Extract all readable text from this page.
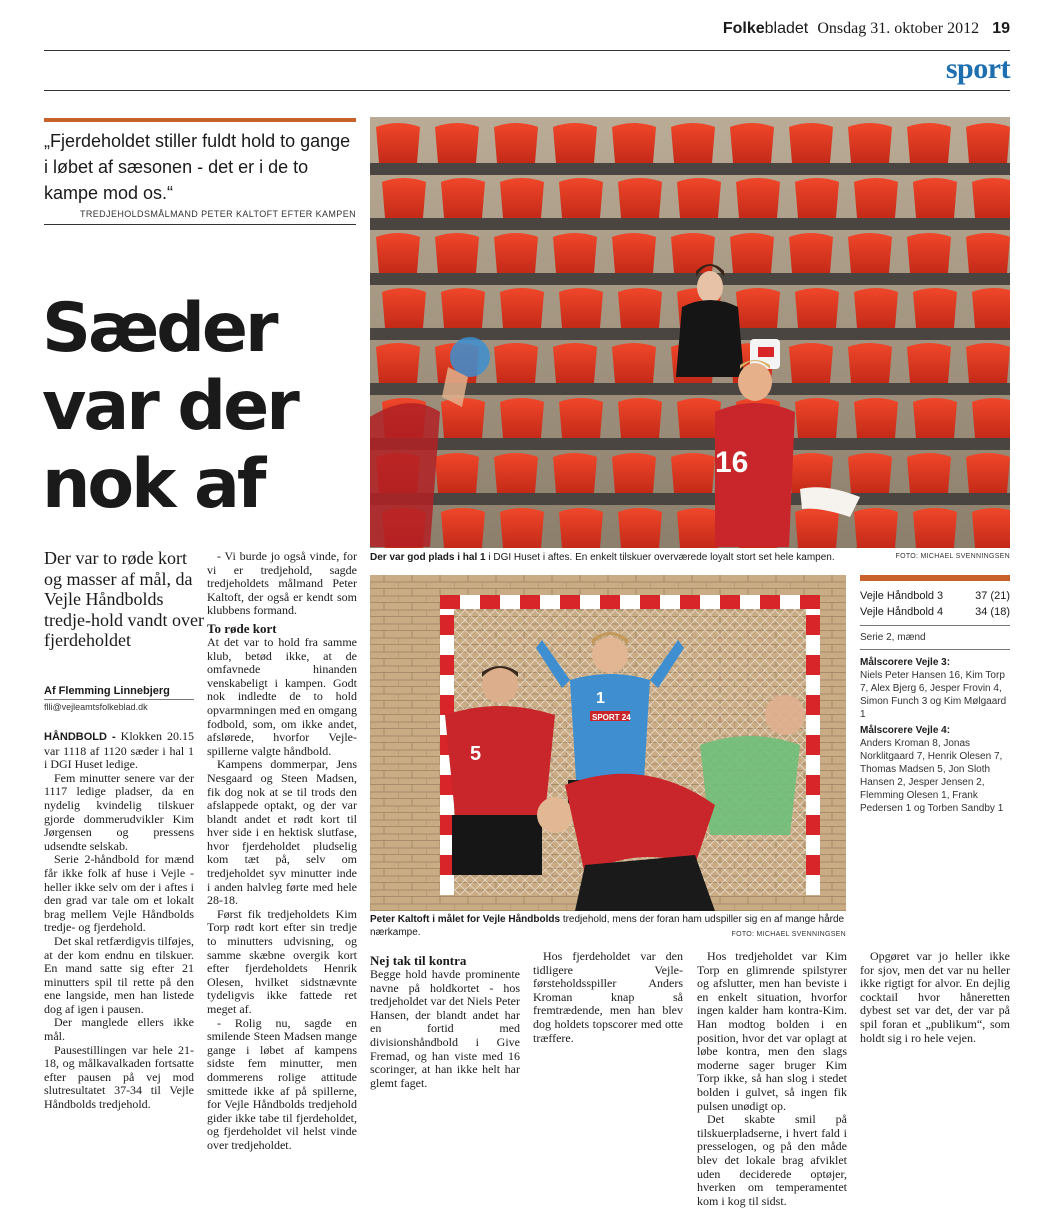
Folkebladet Onsdag 31. oktober 2012 19
sport
„Fjerdeholdet stiller fuldt hold to gange i løbet af sæsonen - det er i de to kampe mod os.“
TREDJEHOLDSMÅLMAND PETER KALTOFT EFTER KAMPEN
Sæder var der nok af
Der var to røde kort og masser af mål, da Vejle Håndbolds tredje-hold vandt over fjerdeholdet
Af Flemming Linnebjerg
flli@vejleamtsfolkeblad.dk

HÅNDBOLD - Klokken 20.15 var 1118 af 1120 sæder i hal 1 i DGI Huset ledige.

Fem minutter senere var der 1117 ledige pladser, da en nydelig kvindelig tilskuer gjorde dommerudvikler Kim Jørgensen og pressens udsendte selskab.

Serie 2-håndbold for mænd får ikke folk af huse i Vejle - heller ikke selv om der i aftes i den grad var tale om et lokalt brag mellem Vejle Håndbolds tredje- og fjerdehold.

Det skal retfærdigvis tilføjes, at der kom endnu en tilskuer. En mand satte sig efter 21 minutters spil til rette på den ene langside, men han listede dog af igen i pausen.

Der manglede ellers ikke mål.

Pausestillingen var hele 21-18, og målkavalkaden fortsatte efter pausen på vej mod slutresultatet 37-34 til Vejle Håndbolds tredjehold.

- Vi burde jo også vinde, for vi er tredjehold, sagde tredjeholdets målmand Peter Kaltoft, der også er kendt som klubbens formand.

To røde kort

At det var to hold fra samme klub, betød ikke, at de omfavnede hinanden venskabeligt i kampen. Godt nok indledte de to hold opvarmningen med en omgang fodbold, som, om ikke andet, afslørede, hvorfor Vejle-spillerne valgte håndbold.

Kampens dommerpar, Jens Nesgaard og Steen Madsen, fik dog nok at se til trods den afslappede optakt, og der var blandt andet et rødt kort til hver side i en hektisk slutfase, hvor fjerdeholdet pludselig kom tæt på, selv om tredjeholdet syv minutter inde i anden halvleg førte med hele 28-18.

Først fik tredjeholdets Kim Torp rødt kort efter sin tredje to minutters udvisning, og samme skæbne overgik kort efter fjerdeholdets Henrik Olesen, hvilket sidstnævnte tydeligvis ikke fattede ret meget af.

- Rolig nu, sagde en smilende Steen Madsen mange gange i løbet af kampens sidste fem minutter, men dommerens rolige attitude smittede ikke af på spillerne, for Vejle Håndbolds tredjehold gider ikke tabe til fjerdeholdet, og fjerdeholdet vil helst vinde over tredjeholdet.

Nej tak til kontra

Begge hold havde prominente navne på holdkortet - hos tredjeholdet var det Niels Peter Hansen, der blandt andet har en fortid med divisionshåndbold i Give Fremad, og han viste med 16 scoringer, at han ikke helt har glemt faget.

Hos fjerdeholdet var den tidligere Vejle-førsteholdsspiller Anders Kroman knap så fremtrædende, men han blev dog holdets topscorer med otte træffere.

Hos tredjeholdet var Kim Torp en glimrende spilstyrer og afslutter, men han beviste i en enkelt situation, hvorfor ingen kalder ham kontra-Kim. Han modtog bolden i en position, hvor det var oplagt at løbe kontra, men den slags moderne sager bruger Kim Torp ikke, så han slog i stedet bolden i gulvet, så ingen fik pulsen unødigt op.

Det skabte smil på tilskuerpladserne, i hvert fald i presselogen, og på den måde blev det lokale brag afviklet uden deciderede optøjer, hverken om temperamentet kom i kog til sidst.

Opgøret var jo heller ikke for sjov, men det var nu heller ikke rigtigt for alvor. En dejlig cocktail hvor håneretten dybest set var det, der var på spil foran et „publikum“, som holdt sig i ro hele vejen.

16
Der var god plads i hal 1 i DGI Huset i aftes. En enkelt tilskuer overværede loyalt stort set hele kampen.	FOTO: MICHAEL SVENNINGSEN
1
SPORT 24
5
Peter Kaltoft i målet for Vejle Håndbolds tredjehold, mens der foran ham udspiller sig en af mange hårde nærkampe.	FOTO: MICHAEL SVENNINGSEN
Vejle Håndbold 3	37 (21)
Vejle Håndbold 4	34 (18)
Serie 2, mænd
Målscorere Vejle 3:
Niels Peter Hansen 16, Kim Torp 7, Alex Bjerg 6, Jesper Frovin 4, Simon Funch 3 og Kim Mølgaard 1
Målscorere Vejle 4:
Anders Kroman 8, Jonas Norklitgaard 7, Henrik Olesen 7, Thomas Madsen 5, Jon Sloth Hansen 2, Jesper Jensen 2, Flemming Olesen 1, Frank Pedersen 1 og Torben Sandby 1
